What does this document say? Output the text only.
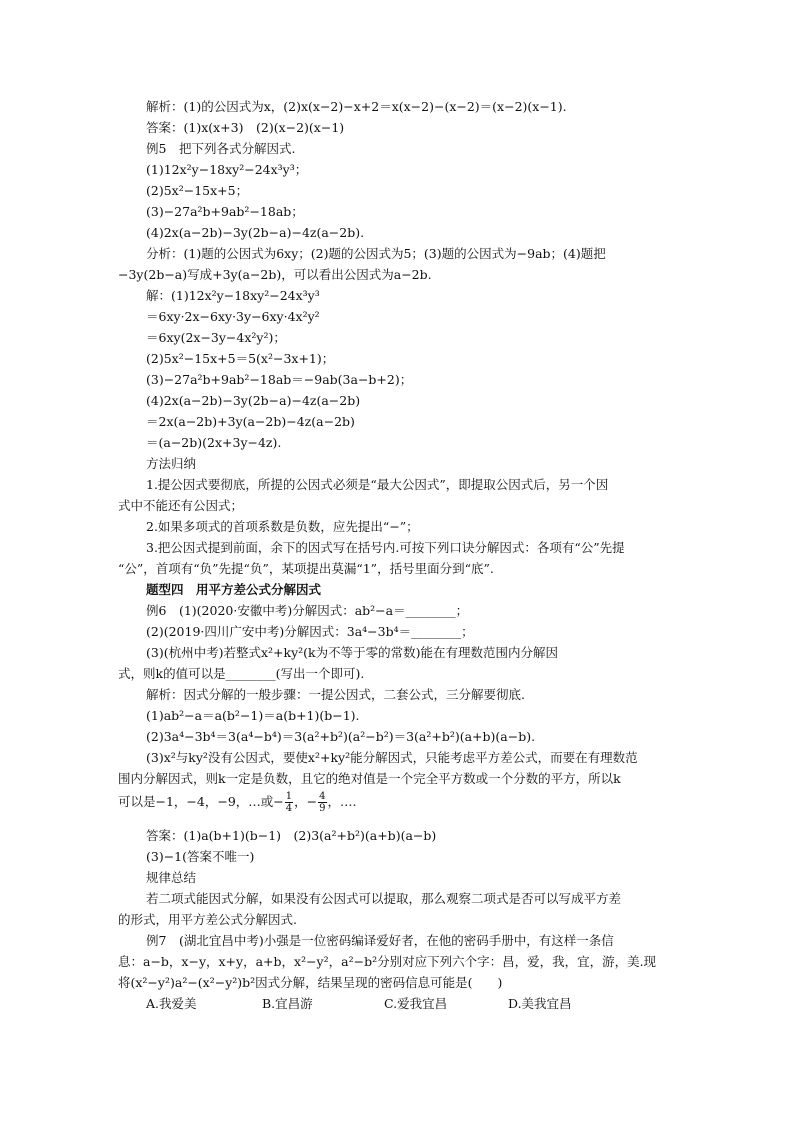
解析：(1)的公因式为x，(2)x(x−2)−x+2＝x(x−2)−(x−2)＝(x−2)(x−1).
答案：(1)x(x+3)　(2)(x−2)(x−1)
例5　把下列各式分解因式.
(1)12x²y−18xy²−24x³y³；
(2)5x²−15x+5；
(3)−27a²b+9ab²−18ab；
(4)2x(a−2b)−3y(2b−a)−4z(a−2b).
分析：(1)题的公因式为6xy；(2)题的公因式为5；(3)题的公因式为−9ab；(4)题把
−3y(2b−a)写成+3y(a−2b)，可以看出公因式为a−2b.
解：(1)12x²y−18xy²−24x³y³
＝6xy·2x−6xy·3y−6xy·4x²y²
＝6xy(2x−3y−4x²y²)；
(2)5x²−15x+5＝5(x²−3x+1)；
(3)−27a²b+9ab²−18ab＝−9ab(3a−b+2)；
(4)2x(a−2b)−3y(2b−a)−4z(a−2b)
＝2x(a−2b)+3y(a−2b)−4z(a−2b)
＝(a−2b)(2x+3y−4z).
方法归纳
1.提公因式要彻底，所提的公因式必须是“最大公因式”，即提取公因式后，另一个因
式中不能还有公因式；
2.如果多项式的首项系数是负数，应先提出“−”；
3.把公因式提到前面，余下的因式写在括号内.可按下列口诀分解因式：各项有“公”先提
“公”，首项有“负”先提“负”，某项提出莫漏“1”，括号里面分到“底”.
题型四　用平方差公式分解因式
例6　(1)(2020·安徽中考)分解因式：ab²−a＝________；
(2)(2019·四川广安中考)分解因式：3a⁴−3b⁴＝________；
(3)(杭州中考)若整式x²+ky²(k为不等于零的常数)能在有理数范围内分解因
式，则k的值可以是________(写出一个即可).
解析：因式分解的一般步骤：一提公因式，二套公式，三分解要彻底.
(1)ab²−a＝a(b²−1)＝a(b+1)(b−1).
(2)3a⁴−3b⁴＝3(a⁴−b⁴)＝3(a²+b²)(a²−b²)＝3(a²+b²)(a+b)(a−b).
(3)x²与ky²没有公因式，要使x²+ky²能分解因式，只能考虑平方差公式，而要在有理数范
围内分解因式，则k一定是负数，且它的绝对值是一个完全平方数或一个分数的平方，所以k
可以是−1，−4，−9，…或− $\frac{1}{4}$ ，− $\frac{4}{9}$ ，….
答案：(1)a(b+1)(b−1)　(2)3(a²+b²)(a+b)(a−b)
(3)−1(答案不唯一)
规律总结
若二项式能因式分解，如果没有公因式可以提取，那么观察二项式是否可以写成平方差
的形式，用平方差公式分解因式.
例7　(湖北宜昌中考)小强是一位密码编译爱好者，在他的密码手册中，有这样一条信
息：a−b，x−y，x+y，a+b，x²−y²，a²−b²分别对应下列六个字：昌，爱，我，宜，游，美.现
将(x²−y²)a²−(x²−y²)b²因式分解，结果呈现的密码信息可能是(　　)
A.我爱美	B.宜昌游	C.爱我宜昌	D.美我宜昌
